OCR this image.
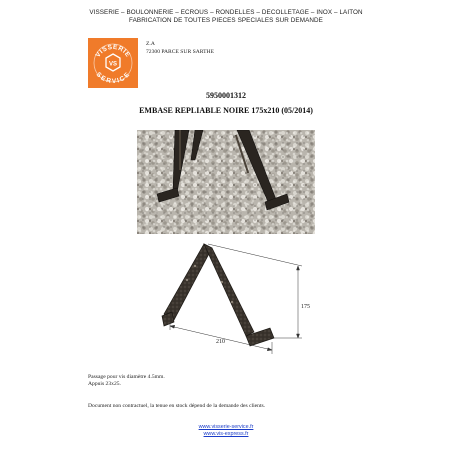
VISSERIE – BOULONNERIE – ECROUS – RONDELLES – DECOLLETAGE – INOX – LAITON
FABRICATION DE TOUTES PIECES SPECIALES SUR DEMANDE
VISSERIE
SERVICE
VS
Z.A
72300 PARCE SUR SARTHE
5950001312
EMBASE REPLIABLE NOIRE 175x210 (05/2014)
175
210
Passage pour vis diamètre 4.5mm.
Appuis 23x25.
Document non contractuel, la tenue en stock dépend de la demande des clients.
www.visserie-service.fr
www.vis-express.fr
